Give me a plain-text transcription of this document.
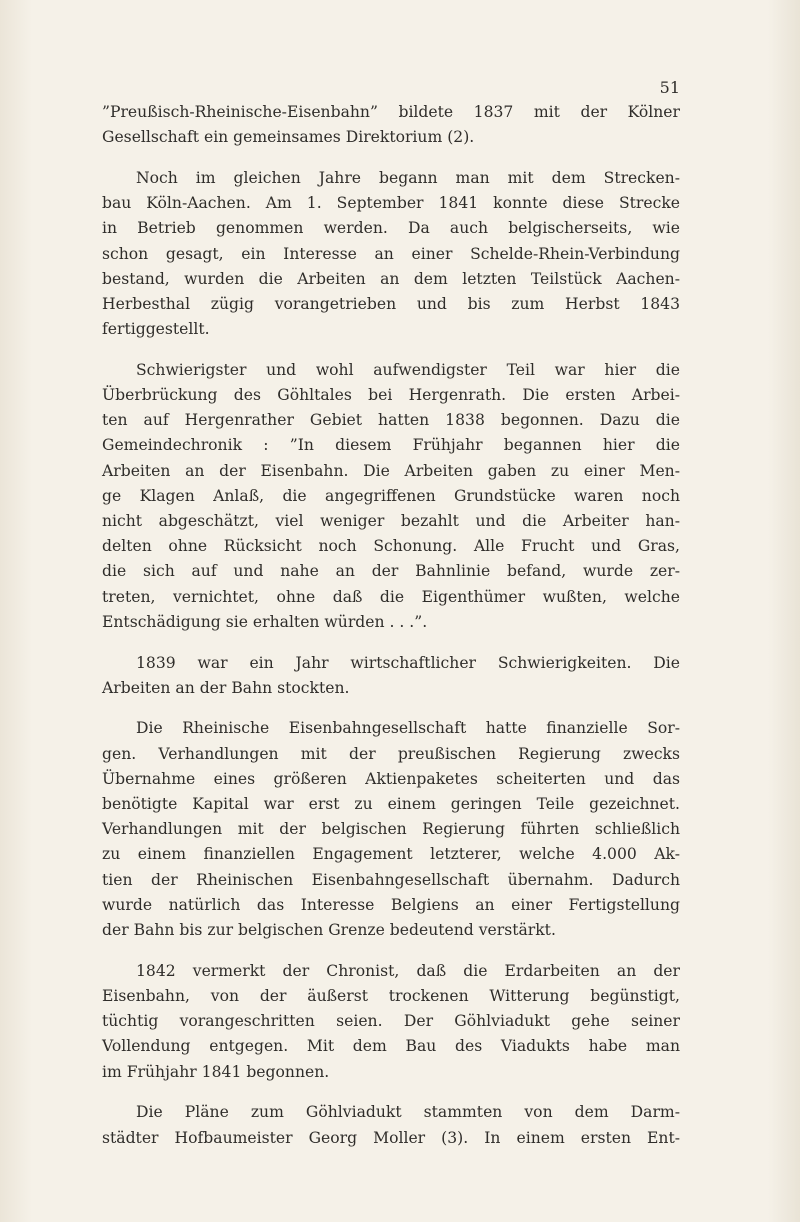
51
”Preußisch-Rheinische-Eisenbahn” bildete 1837 mit der Kölner
Gesellschaft ein gemeinsames Direktorium (2).
Noch im gleichen Jahre begann man mit dem Strecken-
bau Köln-Aachen. Am 1. September 1841 konnte diese Strecke
in Betrieb genommen werden. Da auch belgischerseits, wie
schon gesagt, ein Interesse an einer Schelde-Rhein-Verbindung
bestand, wurden die Arbeiten an dem letzten Teilstück Aachen-
Herbesthal zügig vorangetrieben und bis zum Herbst 1843
fertiggestellt.
Schwierigster und wohl aufwendigster Teil war hier die
Überbrückung des Göhltales bei Hergenrath. Die ersten Arbei-
ten auf Hergenrather Gebiet hatten 1838 begonnen. Dazu die
Gemeindechronik : ”In diesem Frühjahr begannen hier die
Arbeiten an der Eisenbahn. Die Arbeiten gaben zu einer Men-
ge Klagen Anlaß, die angegriffenen Grundstücke waren noch
nicht abgeschätzt, viel weniger bezahlt und die Arbeiter han-
delten ohne Rücksicht noch Schonung. Alle Frucht und Gras,
die sich auf und nahe an der Bahnlinie befand, wurde zer-
treten, vernichtet, ohne daß die Eigenthümer wußten, welche
Entschädigung sie erhalten würden . . .”.
1839 war ein Jahr wirtschaftlicher Schwierigkeiten. Die
Arbeiten an der Bahn stockten.
Die Rheinische Eisenbahngesellschaft hatte finanzielle Sor-
gen. Verhandlungen mit der preußischen Regierung zwecks
Übernahme eines größeren Aktienpaketes scheiterten und das
benötigte Kapital war erst zu einem geringen Teile gezeichnet.
Verhandlungen mit der belgischen Regierung führten schließlich
zu einem finanziellen Engagement letzterer, welche 4.000 Ak-
tien der Rheinischen Eisenbahngesellschaft übernahm. Dadurch
wurde natürlich das Interesse Belgiens an einer Fertigstellung
der Bahn bis zur belgischen Grenze bedeutend verstärkt.
1842 vermerkt der Chronist, daß die Erdarbeiten an der
Eisenbahn, von der äußerst trockenen Witterung begünstigt,
tüchtig vorangeschritten seien. Der Göhlviadukt gehe seiner
Vollendung entgegen. Mit dem Bau des Viadukts habe man
im Frühjahr 1841 begonnen.
Die Pläne zum Göhlviadukt stammten von dem Darm-
städter Hofbaumeister Georg Moller (3). In einem ersten Ent-
